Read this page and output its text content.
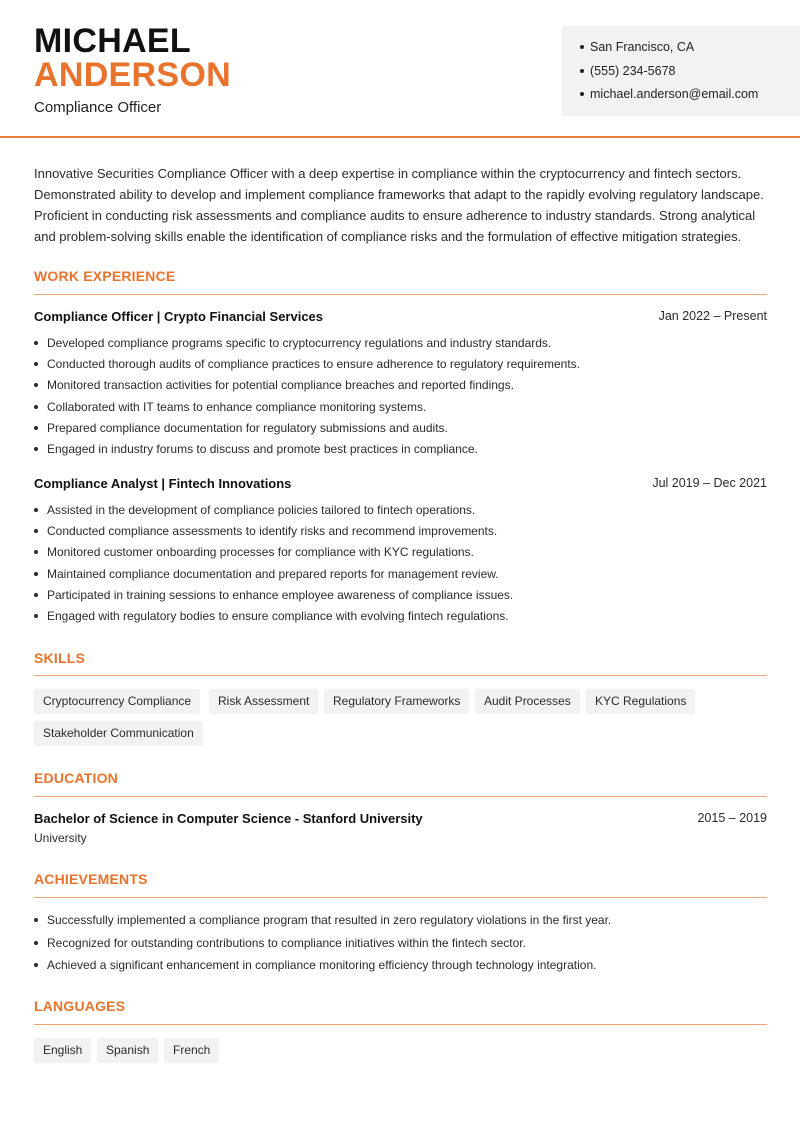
MICHAEL
ANDERSON
Compliance Officer
San Francisco, CA
(555) 234-5678
michael.anderson@email.com

Innovative Securities Compliance Officer with a deep expertise in compliance within the cryptocurrency and fintech sectors. Demonstrated ability to develop and implement compliance frameworks that adapt to the rapidly evolving regulatory landscape. Proficient in conducting risk assessments and compliance audits to ensure adherence to industry standards. Strong analytical and problem-solving skills enable the identification of compliance risks and the formulation of effective mitigation strategies.

WORK EXPERIENCE
Compliance Officer | Crypto Financial Services	Jan 2022 – Present
Developed compliance programs specific to cryptocurrency regulations and industry standards.
Conducted thorough audits of compliance practices to ensure adherence to regulatory requirements.
Monitored transaction activities for potential compliance breaches and reported findings.
Collaborated with IT teams to enhance compliance monitoring systems.
Prepared compliance documentation for regulatory submissions and audits.
Engaged in industry forums to discuss and promote best practices in compliance.
Compliance Analyst | Fintech Innovations	Jul 2019 – Dec 2021
Assisted in the development of compliance policies tailored to fintech operations.
Conducted compliance assessments to identify risks and recommend improvements.
Monitored customer onboarding processes for compliance with KYC regulations.
Maintained compliance documentation and prepared reports for management review.
Participated in training sessions to enhance employee awareness of compliance issues.
Engaged with regulatory bodies to ensure compliance with evolving fintech regulations.
SKILLS
Cryptocurrency Compliance	Risk Assessment	Regulatory Frameworks	Audit Processes	KYC Regulations
Stakeholder Communication
EDUCATION
Bachelor of Science in Computer Science - Stanford University	2015 – 2019
University
ACHIEVEMENTS
Successfully implemented a compliance program that resulted in zero regulatory violations in the first year.
Recognized for outstanding contributions to compliance initiatives within the fintech sector.
Achieved a significant enhancement in compliance monitoring efficiency through technology integration.
LANGUAGES
English	Spanish	French
